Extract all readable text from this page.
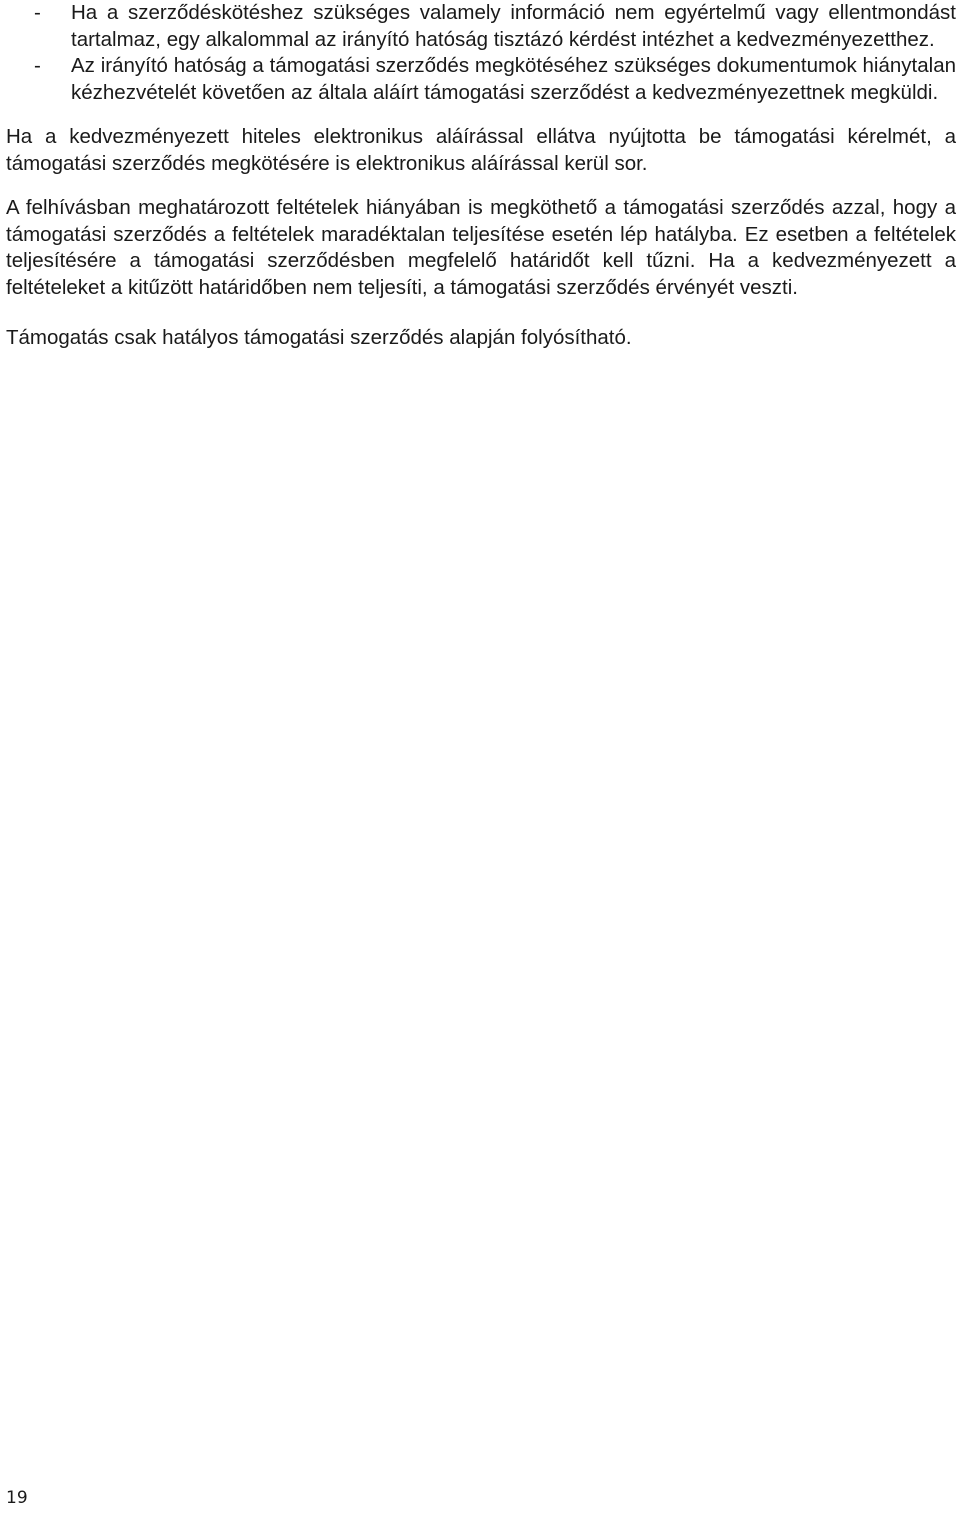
- Ha a szerződéskötéshez szükséges valamely információ nem egyértelmű vagy ellentmondást tartalmaz, egy alkalommal az irányító hatóság tisztázó kérdést intézhet a kedvezményezetthez.
- Az irányító hatóság a támogatási szerződés megkötéséhez szükséges dokumentumok hiánytalan kézhezvételét követően az általa aláírt támogatási szerződést a kedvezményezettnek megküldi.

Ha a kedvezményezett hiteles elektronikus aláírással ellátva nyújtotta be támogatási kérelmét, a támogatási szerződés megkötésére is elektronikus aláírással kerül sor.

A felhívásban meghatározott feltételek hiányában is megköthető a támogatási szerződés azzal, hogy a támogatási szerződés a feltételek maradéktalan teljesítése esetén lép hatályba. Ez esetben a feltételek teljesítésére a támogatási szerződésben megfelelő határidőt kell tűzni. Ha a kedvezményezett a feltételeket a kitűzött határidőben nem teljesíti, a támogatási szerződés érvényét veszti.

Támogatás csak hatályos támogatási szerződés alapján folyósítható.

19
